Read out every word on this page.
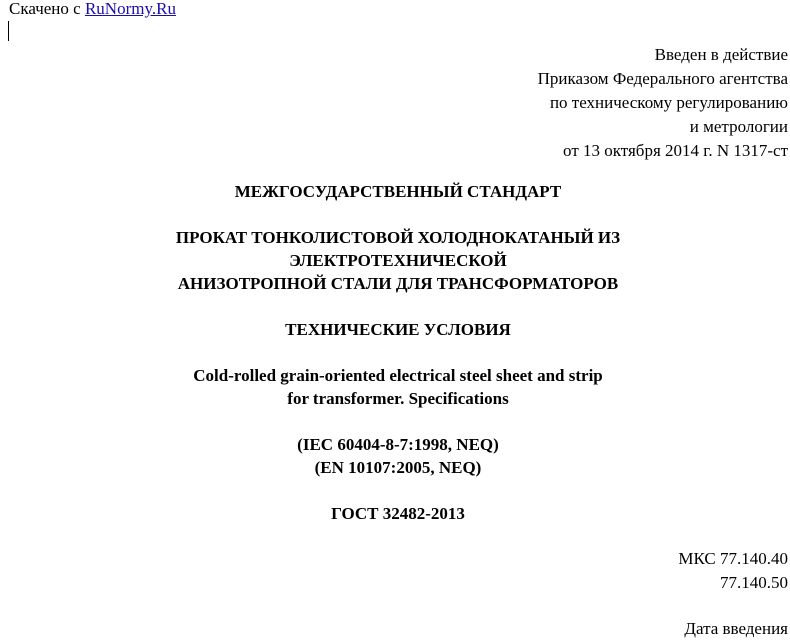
Скачено с RuNormy.Ru
Введен в действие
Приказом Федерального агентства
по техническому регулированию
и метрологии
от 13 октября 2014 г. N 1317-ст
МЕЖГОСУДАРСТВЕННЫЙ СТАНДАРТ
ПРОКАТ ТОНКОЛИСТОВОЙ ХОЛОДНОКАТАНЫЙ ИЗ
ЭЛЕКТРОТЕХНИЧЕСКОЙ
АНИЗОТРОПНОЙ СТАЛИ ДЛЯ ТРАНСФОРМАТОРОВ
ТЕХНИЧЕСКИЕ УСЛОВИЯ
Cold-rolled grain-oriented electrical steel sheet and strip
for transformer. Specifications
(IEC 60404-8-7:1998, NEQ)
(EN 10107:2005, NEQ)
ГОСТ 32482-2013
МКС 77.140.40
77.140.50
Дата введения
